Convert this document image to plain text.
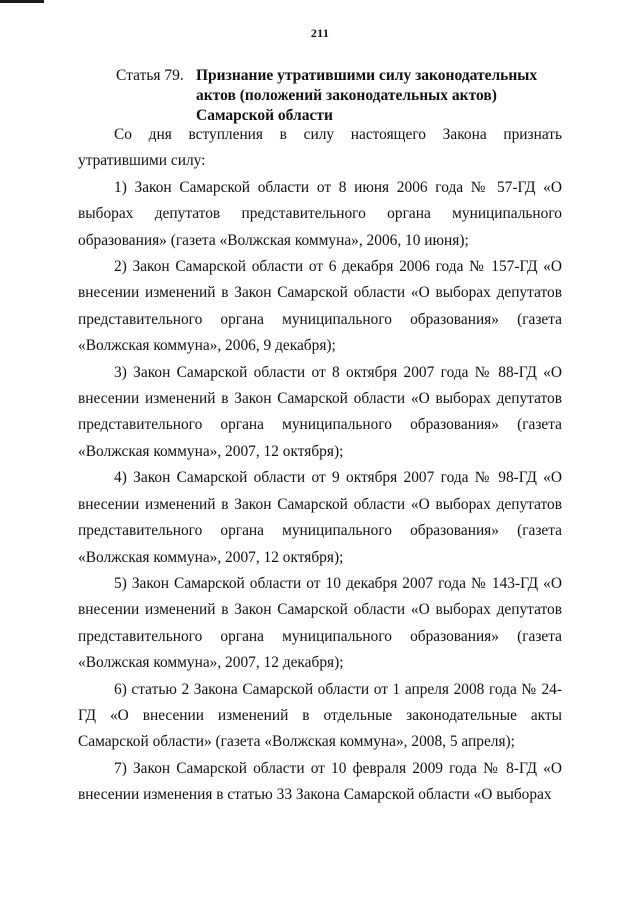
211
Статья 79. Признание утратившими силу законодательных актов (положений законодательных актов) Самарской области

Со дня вступления в силу настоящего Закона признать утратившими силу:

1) Закон Самарской области от 8 июня 2006 года № 57-ГД «О выборах депутатов представительного органа муниципального образования» (газета «Волжская коммуна», 2006, 10 июня);

2) Закон Самарской области от 6 декабря 2006 года № 157-ГД «О внесении изменений в Закон Самарской области «О выборах депутатов представительного органа муниципального образования» (газета «Волжская коммуна», 2006, 9 декабря);

3) Закон Самарской области от 8 октября 2007 года № 88-ГД «О внесении изменений в Закон Самарской области «О выборах депутатов представительного органа муниципального образования» (газета «Волжская коммуна», 2007, 12 октября);

4) Закон Самарской области от 9 октября 2007 года № 98-ГД «О внесении изменений в Закон Самарской области «О выборах депутатов представительного органа муниципального образования» (газета «Волжская коммуна», 2007, 12 октября);

5) Закон Самарской области от 10 декабря 2007 года № 143-ГД «О внесении изменений в Закон Самарской области «О выборах депутатов представительного органа муниципального образования» (газета «Волжская коммуна», 2007, 12 декабря);

6) статью 2 Закона Самарской области от 1 апреля 2008 года № 24-ГД «О внесении изменений в отдельные законодательные акты Самарской области» (газета «Волжская коммуна», 2008, 5 апреля);

7) Закон Самарской области от 10 февраля 2009 года № 8-ГД «О внесении изменения в статью 33 Закона Самарской области «О выборах
